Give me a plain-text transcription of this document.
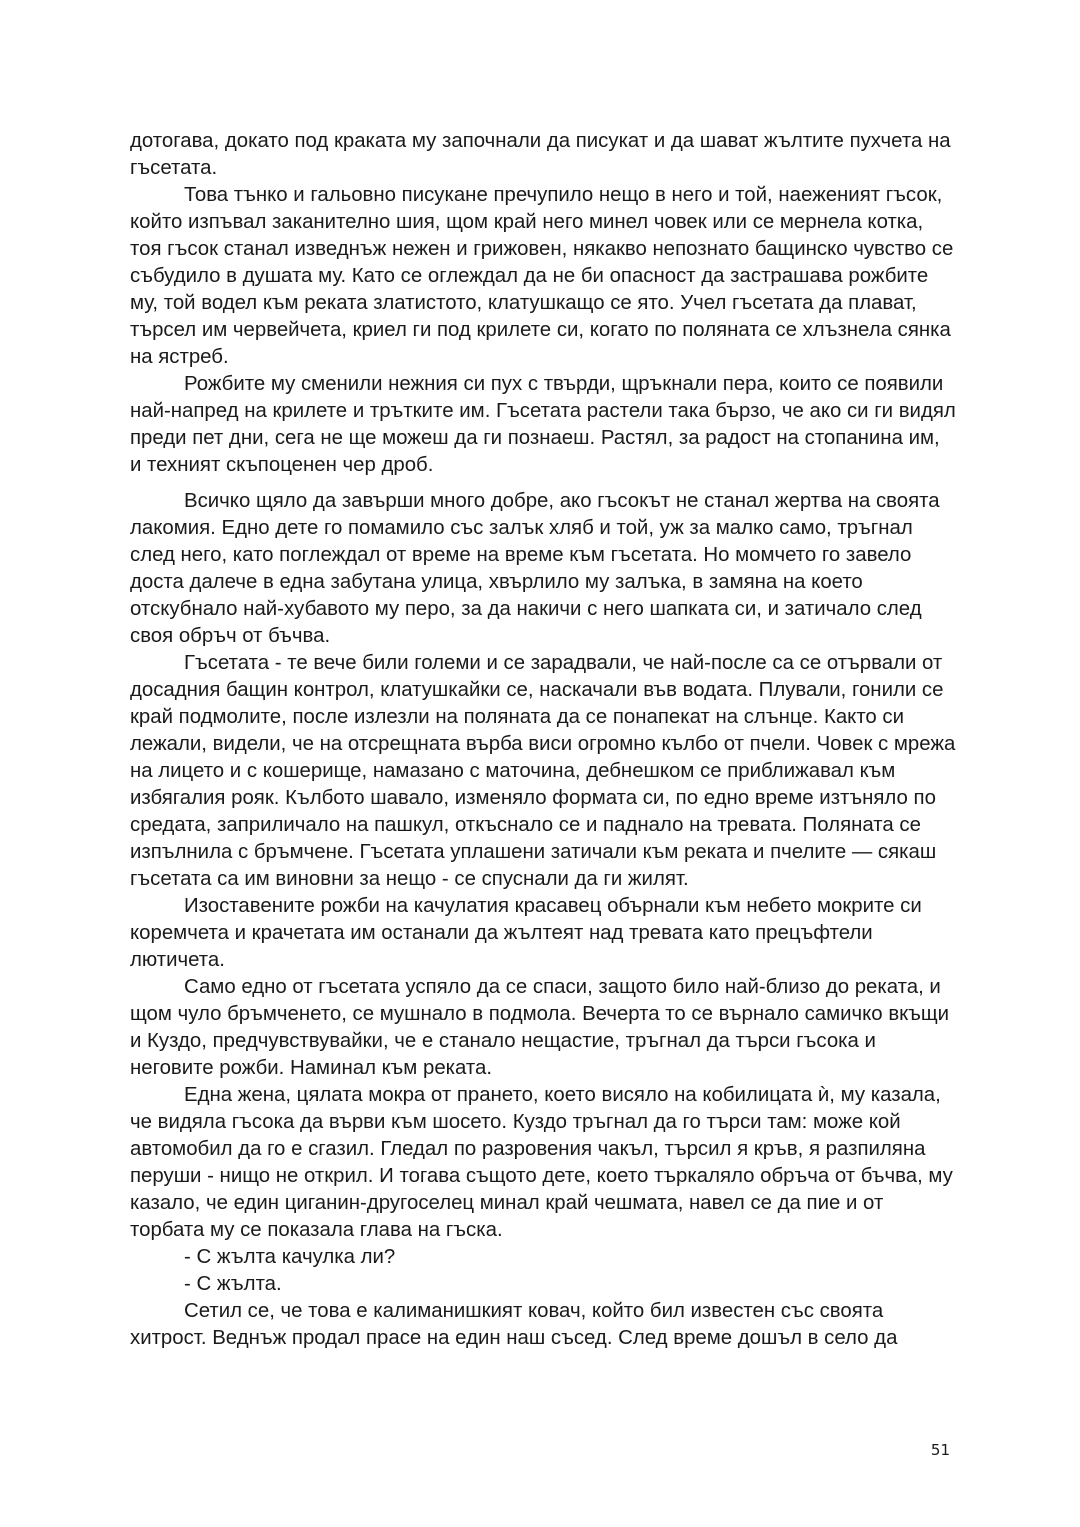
дотогава, докато под краката му започнали да писукат и да шават жълтите пухчета на гъсетата.

Това тънко и гальовно писукане пречупило нещо в него и той, наеженият гъсок, който изпъвал заканително шия, щом край него минел човек или се мернела котка, тоя гъсок станал изведнъж нежен и грижовен, някакво непознато бащинско чувство се събудило в душата му. Като се оглеждал да не би опасност да застрашава рожбите му, той водел към реката златистото, клатушкащо се ято. Учел гъсетата да плават, търсел им червейчета, криел ги под крилете си, когато по поляната се хлъзнела сянка на ястреб.

Рожбите му сменили нежния си пух с твърди, щръкнали пера, които се появили най-напред на крилете и тръткитe им. Гъсетата растели така бързо, че ако си ги видял преди пет дни, сега не ще можеш да ги познаеш. Растял, за радост на стопанина им, и техният скъпоценен чер дроб.

Всичко щяло да завърши много добре, ако гъсокът не станал жертва на своята лакомия. Едно дете го помамило със залък хляб и той, уж за малко само, тръгнал след него, като поглеждал от време на време към гъсетата. Но момчето го завело доста далече в една забутана улица, хвърлило му залъка, в замяна на което отскубнало най-хубавото му перо, за да накичи с него шапката си, и затичало след своя обръч от бъчва.

Гъсетата - те вече били големи и се зарадвали, че най-после са се отървали от досадния бащин контрол, клатушкайки се, наскачали във водата. Плували, гонили се край подмолите, после излезли на поляната да се понапекат на слънце. Както си лежали, видели, че на отсрещната върба виси огромно кълбо от пчели. Човек с мрежа на лицето и с кошерище, намазано с маточина, дебнешком се приближавал към избягалия рояк. Кълбото шавало, изменяло формата си, по едно време изтъняло по средата, заприличало на пашкул, откъснало се и паднало на тревата. Поляната се изпълнила с бръмчене. Гъсетата уплашени затичали към реката и пчелите — сякаш гъсетата са им виновни за нещо - се спуснали да ги жилят.

Изоставените рожби на качулатия красавец обърнали към небето мокрите си коремчета и крачетата им останали да жълтеят над тревата като прецъфтели лютичета.

Само едно от гъсетата успяло да се спаси, защото било най-близо до реката, и щом чуло бръмченето, се мушнало в подмола. Вечерта то се върнало самичко вкъщи и Куздо, предчувствувайки, че е станало нещастие, тръгнал да търси гъсока и неговите рожби. Наминал към реката.

Една жена, цялата мокра от прането, което висяло на кобилицата ѝ, му казала, че видяла гъсока да върви към шосето. Куздо тръгнал да го търси там: може кой автомобил да го е сгазил. Гледал по разровения чакъл, търсил я кръв, я разпиляна перуши - нищо не открил. И тогава същото дете, което търкаляло обръча от бъчва, му казало, че един циганин-другоселец минал край чешмата, навел се да пие и от торбата му се показала глава на гъска.

- С жълта качулка ли?

- С жълта.

Сетил се, че това е калиманишкият ковач, който бил известен със своята хитрост. Веднъж продал прасе на един наш съсед. След време дошъл в село да

51
